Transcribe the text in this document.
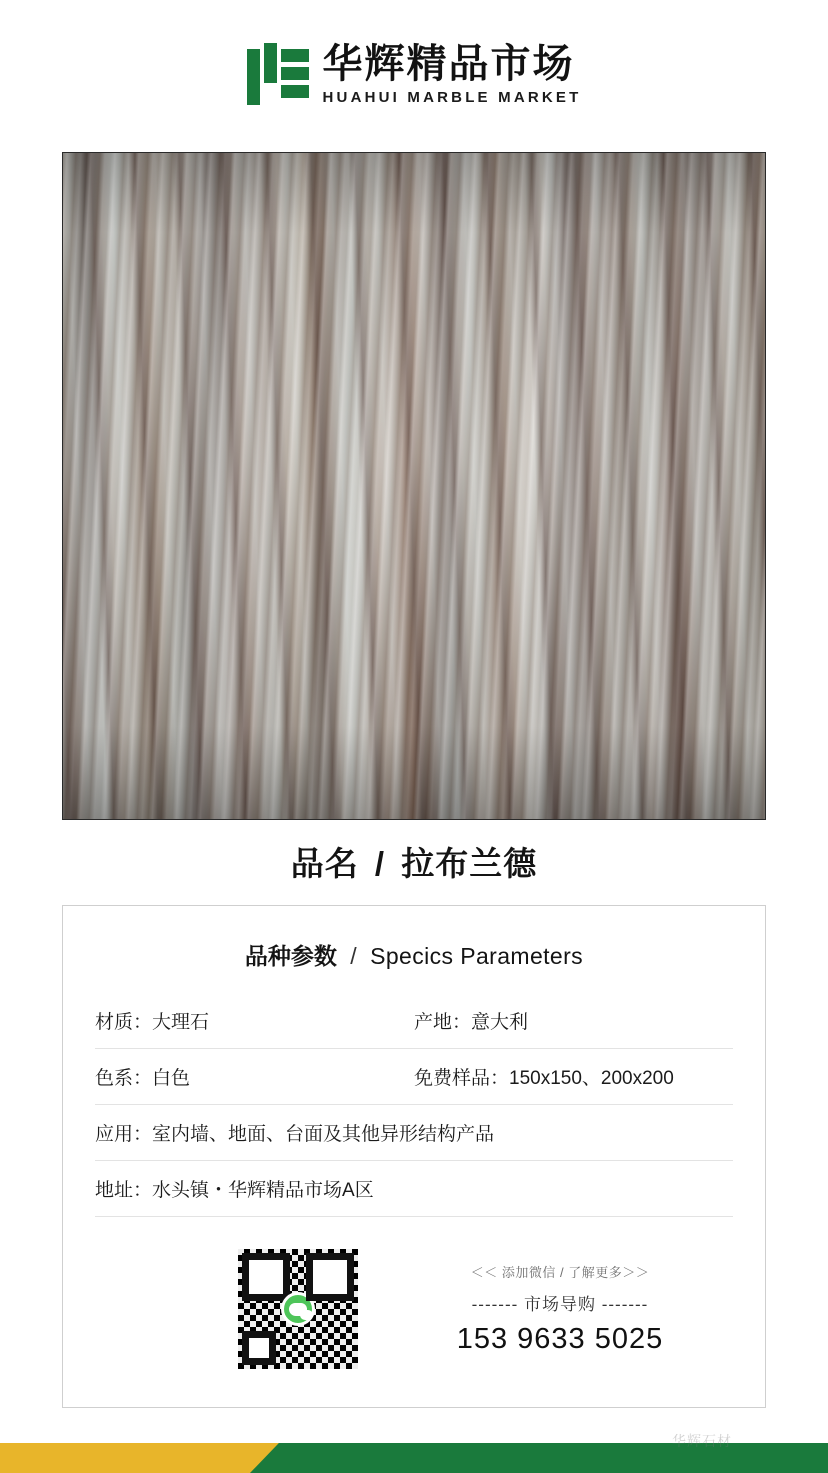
华辉精品市场
HUAHUI MARBLE MARKET
品名 / 拉布兰德
品种参数 / Specics Parameters
材质： 大理石	产地： 意大利
色系： 白色	免费样品： 150x150、200x200
应用： 室内墙、地面、台面及其他异形结构产品
地址： 水头镇・华辉精品市场A区
＜＜ 添加微信 / 了解更多＞＞
------- 市场导购 -------
153 9633 5025
华辉石材
